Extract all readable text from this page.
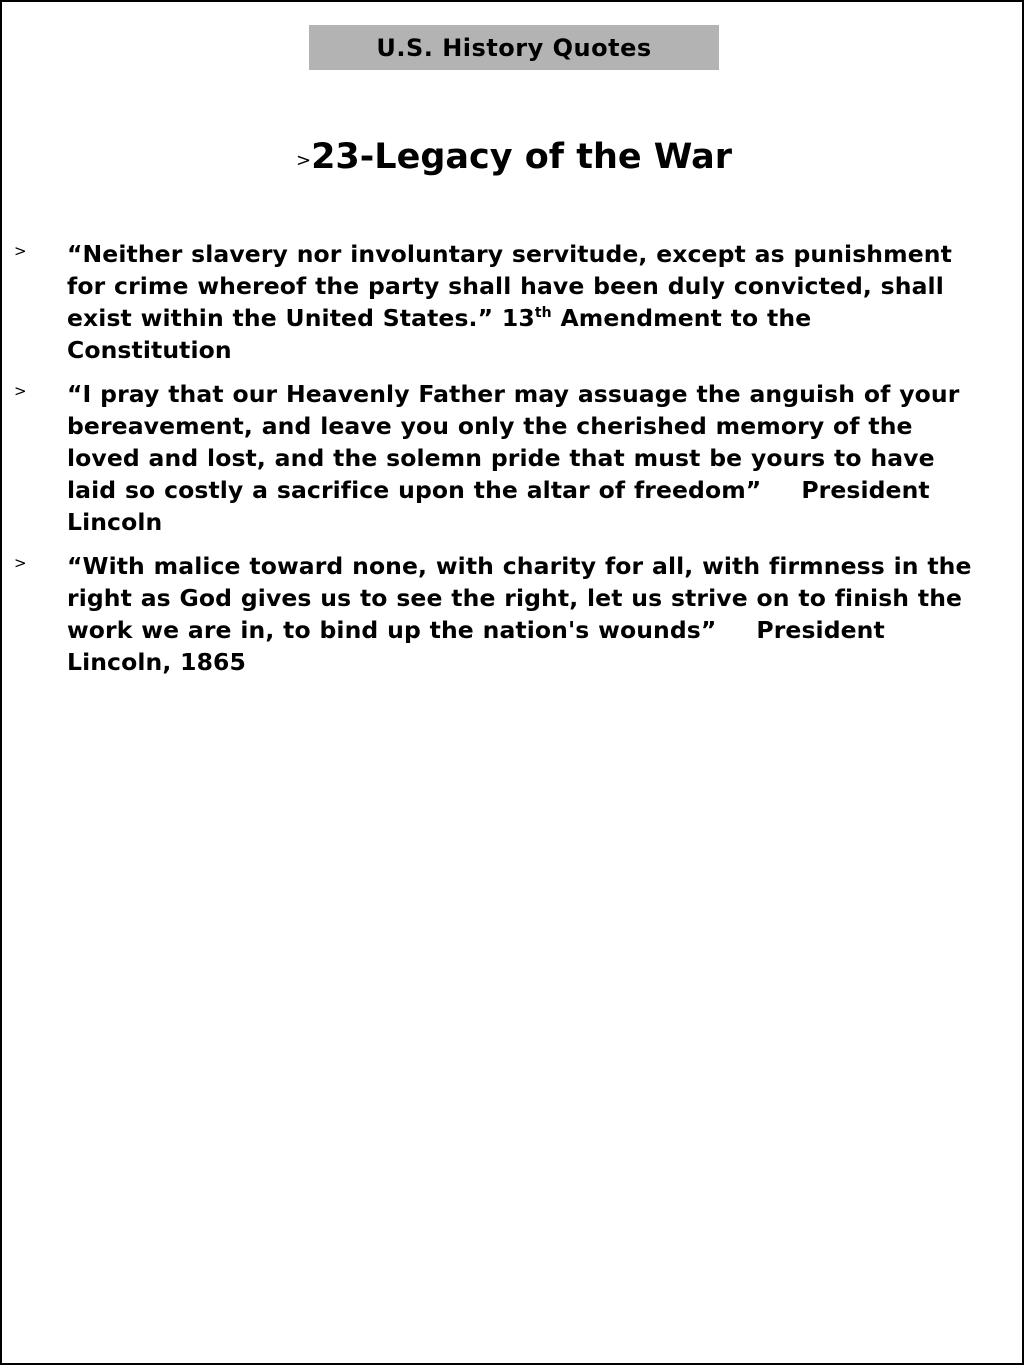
U.S. History Quotes
>23-Legacy of the War
> “Neither slavery nor involuntary servitude, except as punishment for crime whereof the party shall have been duly convicted, shall exist within the United States.” 13th Amendment to the Constitution
> “I pray that our Heavenly Father may assuage the anguish of your bereavement, and leave you only the cherished memory of the loved and lost, and the solemn pride that must be yours to have laid so costly a sacrifice upon the altar of freedom” President Lincoln
> “With malice toward none, with charity for all, with firmness in the right as God gives us to see the right, let us strive on to finish the work we are in, to bind up the nation's wounds” President Lincoln, 1865
